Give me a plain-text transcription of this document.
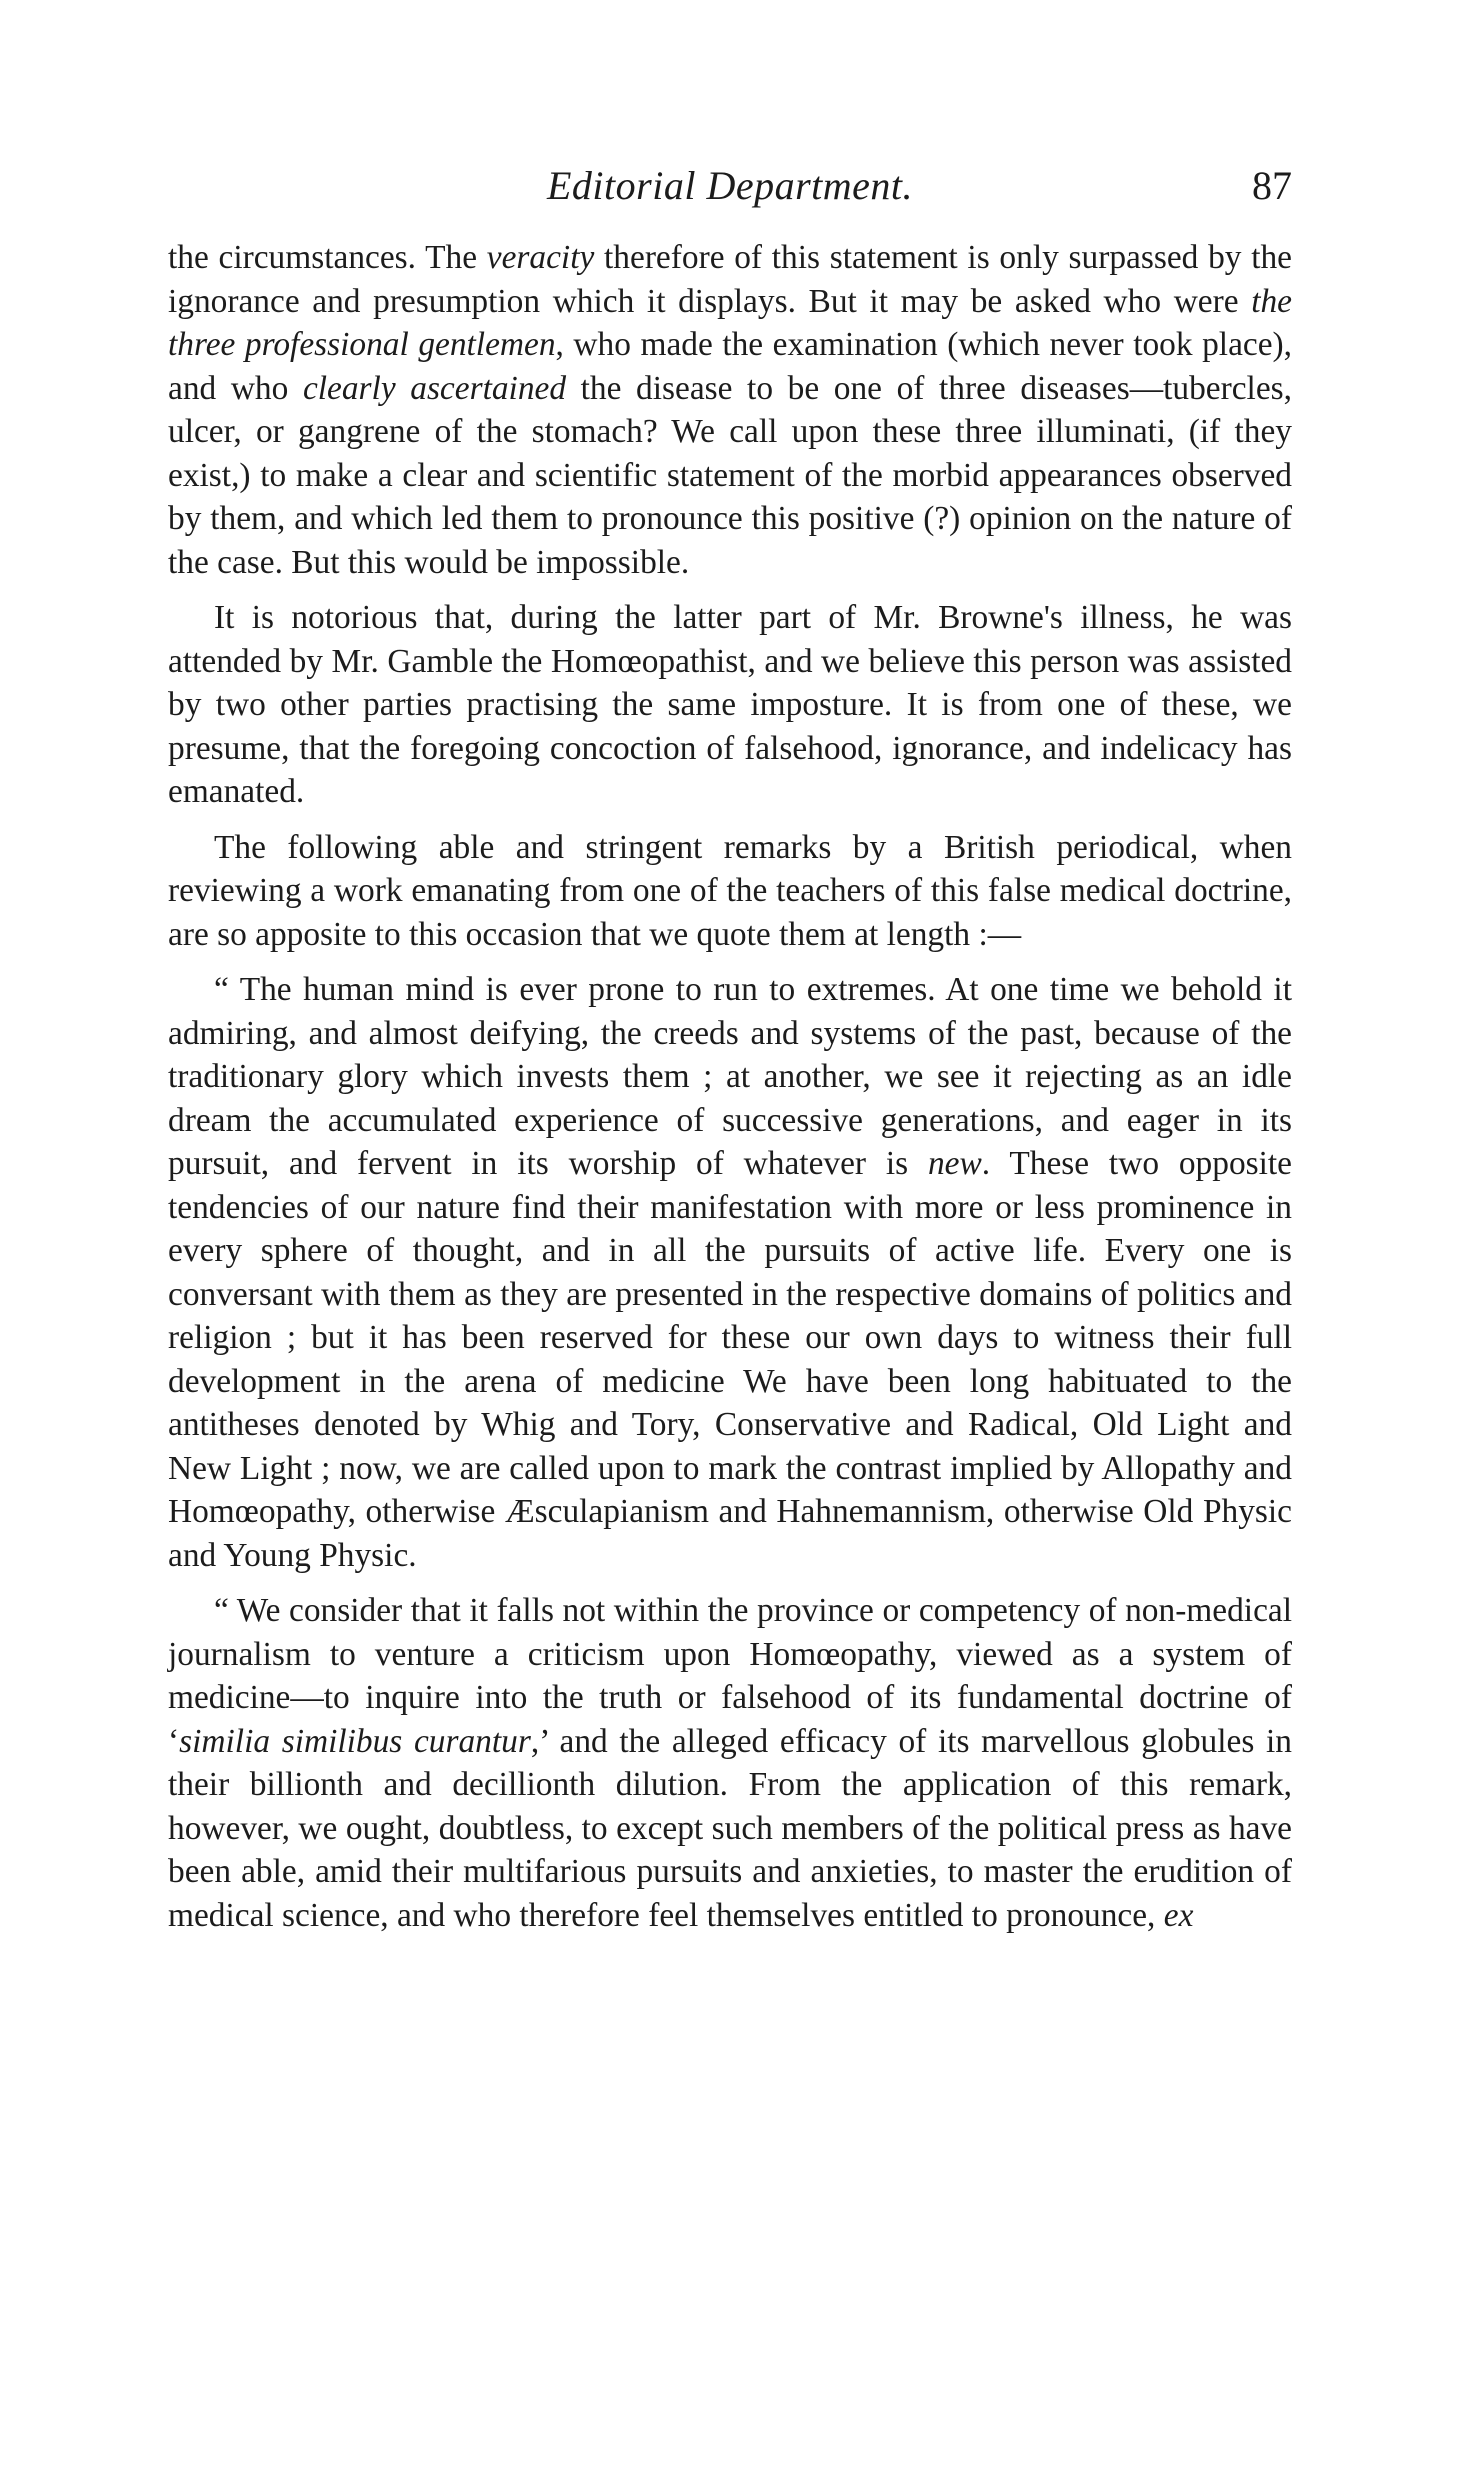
Editorial Department.	87

the circumstances. The veracity therefore of this statement is only surpassed by the ignorance and presumption which it displays. But it may be asked who were the three professional gentlemen, who made the examination (which never took place), and who clearly ascertained the disease to be one of three diseases—tubercles, ulcer, or gangrene of the stomach? We call upon these three illuminati, (if they exist,) to make a clear and scientific statement of the morbid appearances observed by them, and which led them to pronounce this positive (?) opinion on the nature of the case. But this would be impossible.

It is notorious that, during the latter part of Mr. Browne's illness, he was attended by Mr. Gamble the Homœopathist, and we believe this person was assisted by two other parties practising the same imposture. It is from one of these, we presume, that the foregoing concoction of falsehood, ignorance, and indelicacy has emanated.

The following able and stringent remarks by a British periodical, when reviewing a work emanating from one of the teachers of this false medical doctrine, are so apposite to this occasion that we quote them at length :—

“ The human mind is ever prone to run to extremes. At one time we behold it admiring, and almost deifying, the creeds and systems of the past, because of the traditionary glory which invests them ; at another, we see it rejecting as an idle dream the accumulated experience of successive generations, and eager in its pursuit, and fervent in its worship of whatever is new. These two opposite tendencies of our nature find their manifestation with more or less prominence in every sphere of thought, and in all the pursuits of active life. Every one is conversant with them as they are presented in the respective domains of politics and religion ; but it has been reserved for these our own days to witness their full development in the arena of medicine We have been long habituated to the antitheses denoted by Whig and Tory, Conservative and Radical, Old Light and New Light ; now, we are called upon to mark the contrast implied by Allopathy and Homœopathy, otherwise Æsculapianism and Hahnemannism, otherwise Old Physic and Young Physic.

“ We consider that it falls not within the province or competency of non-medical journalism to venture a criticism upon Homœopathy, viewed as a system of medicine—to inquire into the truth or falsehood of its fundamental doctrine of ‘similia similibus curantur,’ and the alleged efficacy of its marvellous globules in their billionth and decillionth dilution. From the application of this remark, however, we ought, doubtless, to except such members of the political press as have been able, amid their multifarious pursuits and anxieties, to master the erudition of medical science, and who therefore feel themselves entitled to pronounce, ex
